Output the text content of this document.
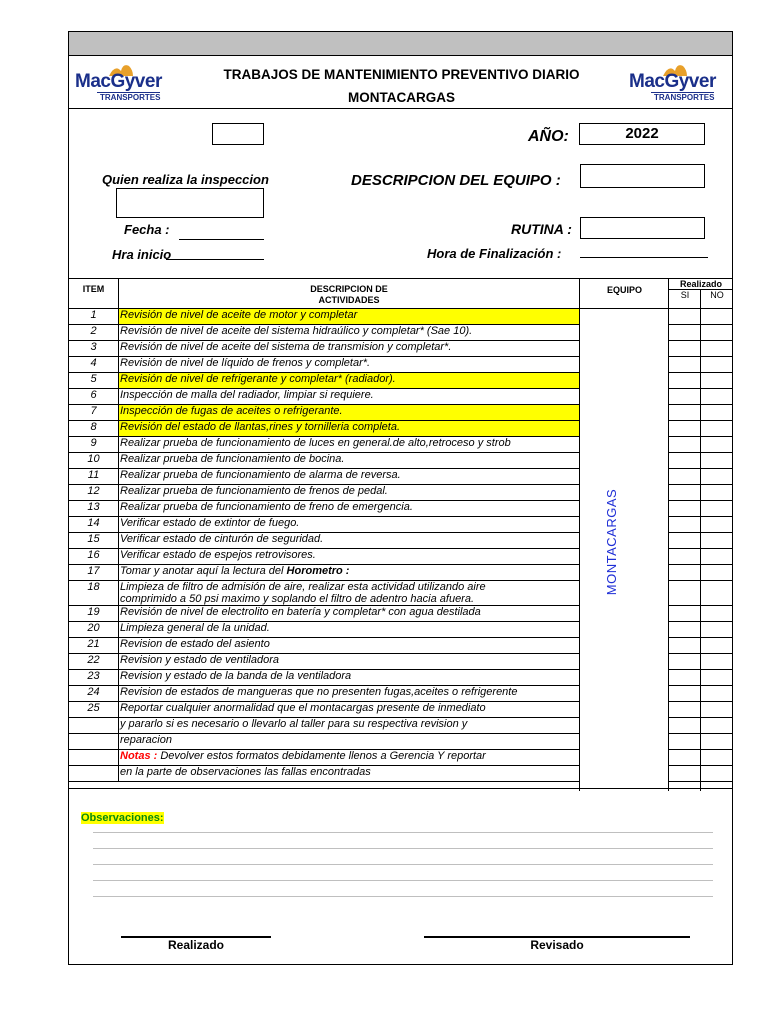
MacGyver
TRANSPORTES
MacGyver
TRANSPORTES
TRABAJOS DE MANTENIMIENTO PREVENTIVO DIARIO
MONTACARGAS
AÑO:	2022
Quien realiza la inspeccion	DESCRIPCION DEL EQUIPO :
Fecha :	RUTINA :
Hra inicio	Hora de Finalización :
ITEM	DESCRIPCION DE
ACTIVIDADES
EQUIPO
Realizado
SI	NO
1	Revisión de nivel de aceite de motor y completar
2	Revisión de nivel de aceite del sistema hidraúlico y completar* (Sae 10).
3	Revisión de nivel de aceite del sistema de transmision y completar*.
4	Revisión de nivel de líquido de frenos y completar*.
5	Revisión de nivel de refrigerante y completar* (radiador).
6	Inspección de malla del radiador, limpiar si requiere.
7	Inspección de fugas de aceites o refrigerante.
8	Revisión del estado de llantas,rines y tornilleria completa.
9	Realizar prueba de funcionamiento de luces en general.de alto,retroceso y strob
10	Realizar prueba de funcionamiento de bocina.
11	Realizar prueba de funcionamiento de alarma de reversa.
12	Realizar prueba de funcionamiento de frenos de pedal.
13	Realizar prueba de funcionamiento de freno de emergencia.
14	Verificar estado de extintor de fuego.
15	Verificar estado de cinturón de seguridad.
16	Verificar estado de espejos retrovisores.
17	Tomar y anotar aquí la lectura del Horometro :
18	Limpieza de filtro de admisión de aire, realizar esta actividad utilizando aire
comprimido a 50 psi maximo y soplando el filtro de adentro hacia afuera.
19	Revisión de nivel de electrolito en batería y completar* con agua destilada
20	Limpieza general de la unidad.
21	Revision de estado del asiento
22	Revision y estado de ventiladora
23	Revision y estado de la banda de la ventiladora
24	Revision de estados de mangueras que no presenten fugas,aceites o refrigerente
25	Reportar cualquier anormalidad que el montacargas presente de inmediato
y pararlo si es necesario o llevarlo al taller para su respectiva revision y
reparacion
Notas : Devolver estos formatos debidamente llenos a Gerencia Y reportar
en la parte de observaciones las fallas encontradas
MONTACARGAS
Observaciones:
Realizado	Revisado
